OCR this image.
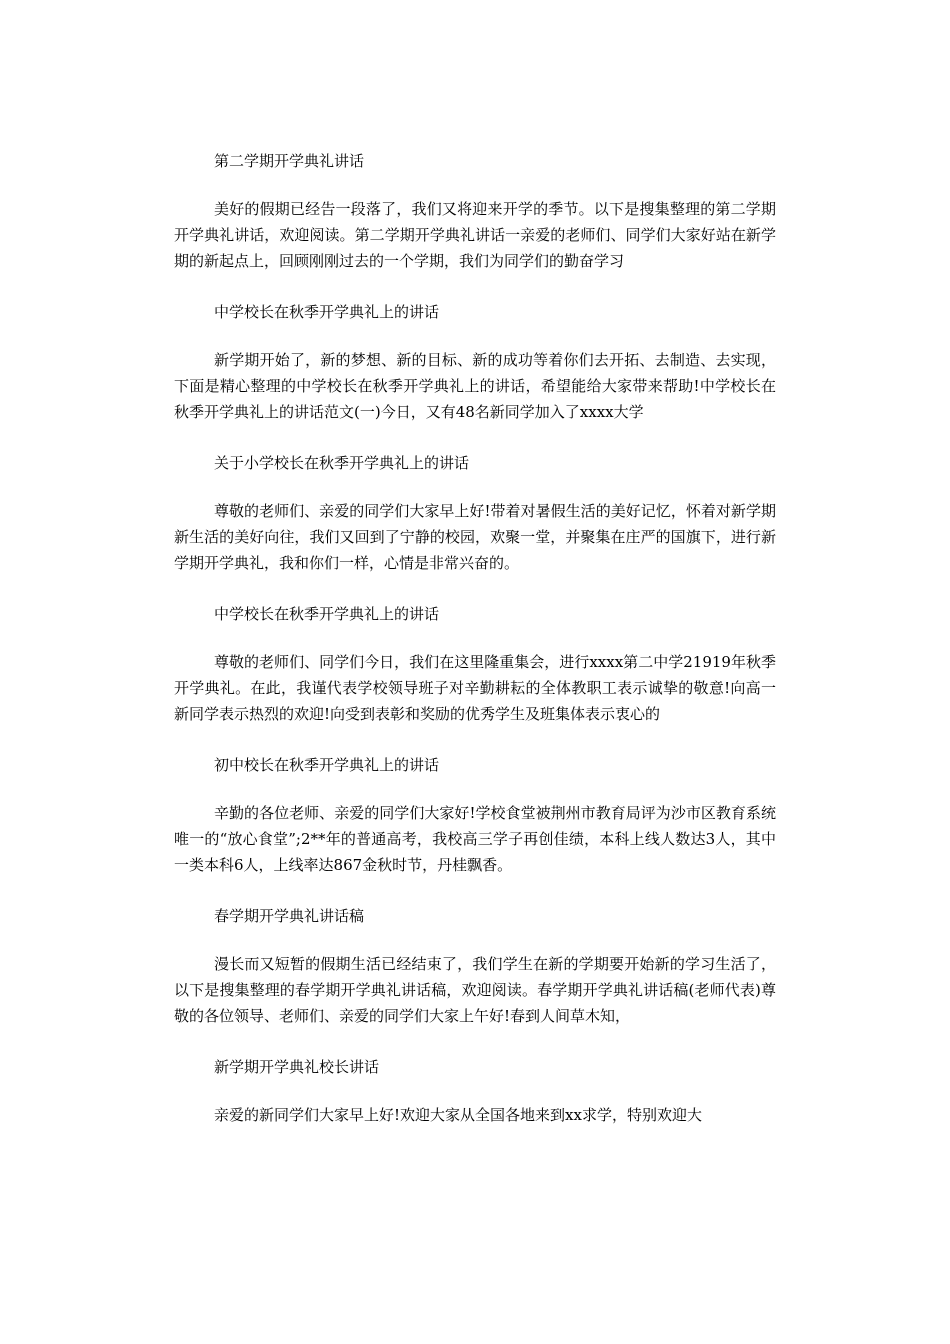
第二学期开学典礼讲话

美好的假期已经告一段落了，我们又将迎来开学的季节。以下是搜集整理的第二学期开学典礼讲话，欢迎阅读。第二学期开学典礼讲话一亲爱的老师们、同学们大家好站在新学期的新起点上，回顾刚刚过去的一个学期，我们为同学们的勤奋学习

中学校长在秋季开学典礼上的讲话

新学期开始了，新的梦想、新的目标、新的成功等着你们去开拓、去制造、去实现，下面是精心整理的中学校长在秋季开学典礼上的讲话，希望能给大家带来帮助!中学校长在秋季开学典礼上的讲话范文(一)今日，又有48名新同学加入了xxxx大学

关于小学校长在秋季开学典礼上的讲话

尊敬的老师们、亲爱的同学们大家早上好!带着对暑假生活的美好记忆，怀着对新学期新生活的美好向往，我们又回到了宁静的校园，欢聚一堂，并聚集在庄严的国旗下，进行新学期开学典礼，我和你们一样，心情是非常兴奋的。

中学校长在秋季开学典礼上的讲话

尊敬的老师们、同学们今日，我们在这里隆重集会，进行xxxx第二中学21919年秋季开学典礼。在此，我谨代表学校领导班子对辛勤耕耘的全体教职工表示诚挚的敬意!向高一新同学表示热烈的欢迎!向受到表彰和奖励的优秀学生及班集体表示衷心的

初中校长在秋季开学典礼上的讲话

辛勤的各位老师、亲爱的同学们大家好!学校食堂被荆州市教育局评为沙市区教育系统唯一的“放心食堂”;2**年的普通高考，我校高三学子再创佳绩，本科上线人数达3人，其中一类本科6人，上线率达867金秋时节，丹桂飘香。

春学期开学典礼讲话稿

漫长而又短暂的假期生活已经结束了，我们学生在新的学期要开始新的学习生活了，以下是搜集整理的春学期开学典礼讲话稿，欢迎阅读。春学期开学典礼讲话稿(老师代表)尊敬的各位领导、老师们、亲爱的同学们大家上午好!春到人间草木知，

新学期开学典礼校长讲话

亲爱的新同学们大家早上好!欢迎大家从全国各地来到xx求学，特别欢迎大
